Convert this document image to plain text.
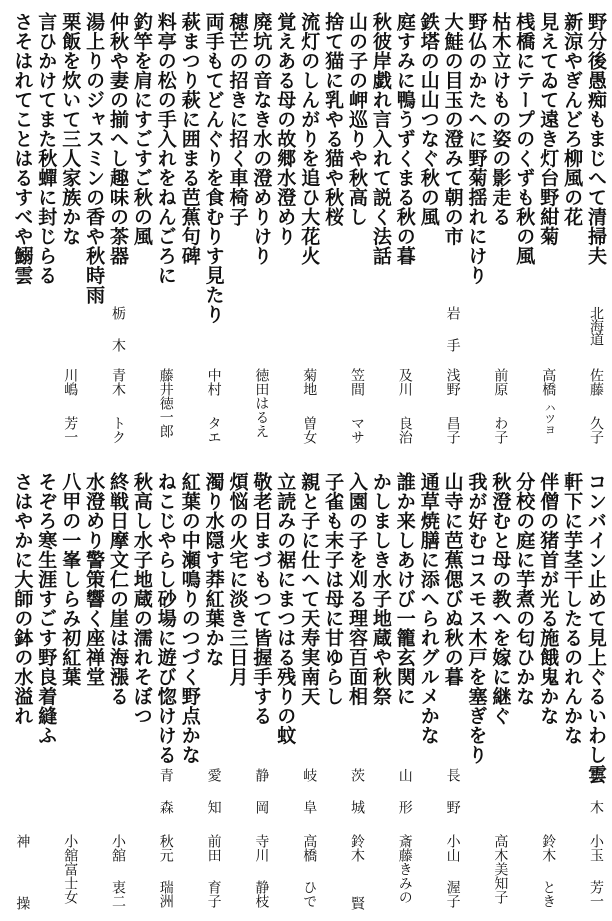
野分後愚痴もまじへて清掃夫
新涼やぎんどろ柳風の花
見えてゐて遠き灯台野紺菊
桟橋にテープのくずも秋の風
枯木立けもの姿の影走る
野仏のかたへに野菊揺れにけり
大鮭の目玉の澄みて朝の市
鉄塔の山山つなぐ秋の風
庭すみに鴨うずくまる秋の暮
秋彼岸戯れ言入れて説く法話
山の子の岬巡りや秋高し
捨て猫に乳やる猫や秋桜
流灯のしんがりを追ひ大花火
覚えある母の故郷水澄めり
廃坑の音なき水の澄めりけり
穂芒の招きに招く車椅子
両手もてどんぐりを食むりす見たり
萩まつり萩に囲まる芭蕉句碑
料亭の松の手入れをねんごろに
釣竿を肩にすごすご秋の風
仲秋や妻の揃へし趣味の茶器
湯上りのジャスミンの香や秋時雨
栗飯を炊いて三人家族かな
言ひかけてまた秋蟬に封じらる
さそはれてことはるすべや鰯雲
北海道
佐藤
久子
高橋
ハツヨ
前原
わ子
岩手
浅野
昌子
及川
良治
笠間
マサ
菊地
曽女
徳田はるえ
中村
タエ
藤井徳一郎
栃木
青木
トク
川嶋
芳一
コンバイン止めて見上ぐるいわし雲
軒下に芋茎干したるのれんかな
伴僧の猪首が光る施餓鬼かな
分校の庭に芋煮の匂ひかな
秋澄むと母の教へを嫁に継ぐ
我が好むコスモス木戸を塞ぎをり
山寺に芭蕉偲びぬ秋の暮
通草焼膳に添へられグルメかな
誰か来しあけび一籠玄関に
かしましき水子地蔵や秋祭
入園の子を刈る理容百面相
子雀も末子は母に甘ゆらし
親と子に仕へて天寿実南天
立読みの裾にまつはる残りの蚊
敬老日まづもつて皆握手する
煩悩の火宅に淡き三日月
濁り水隠す莽紅葉かな
紅葉の中瀬鳴りのつづく野点かな
ねこじやらし砂場に遊び惚けける
秋高し水子地蔵の濡れそぼつ
終戦日摩文仁の崖は海漲る
水澄めり警策響く座禅堂
八甲の一峯しらみ初紅葉
そぞろ寒生涯すごす野良着縫ふ
さはやかに大師の鉢の水溢れ
栃木
小玉
芳一
鈴木
とき
高木美知子
長野
小山
渥子
山形
斎藤きみの
茨城
鈴木
賢
岐阜
高橋
ひで
静岡
寺川
静枝
愛知
前田
育子
青森
秋元
瑞洲
小舘
衷二
小舘富士女
神
操
